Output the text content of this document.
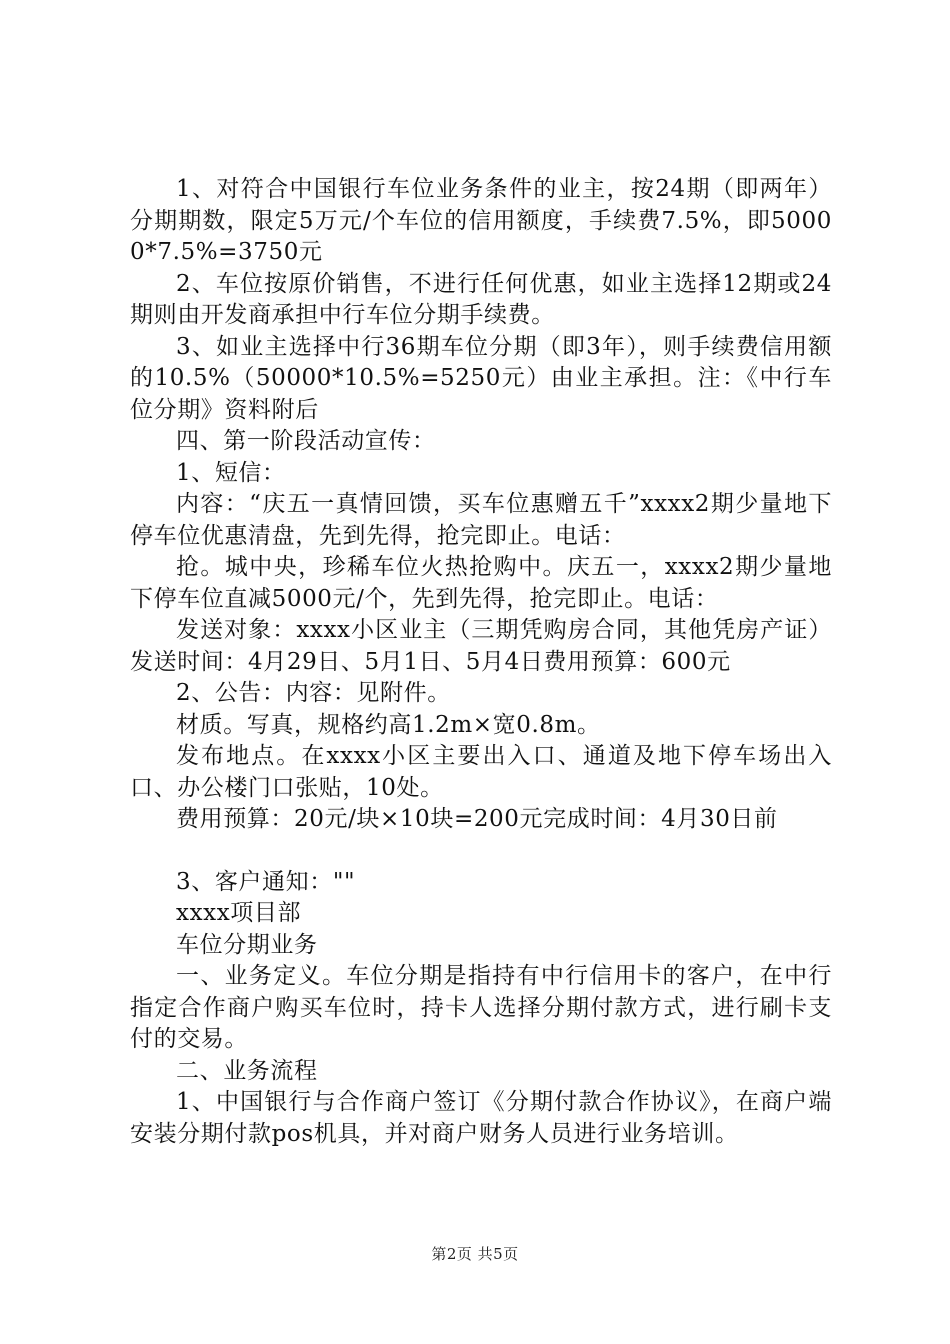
1、对符合中国银行车位业务条件的业主，按24期（即两年）分期期数，限定5万元/个车位的信用额度，手续费7.5%，即50000*7.5%=3750元

2、车位按原价销售，不进行任何优惠，如业主选择12期或24期则由开发商承担中行车位分期手续费。

3、如业主选择中行36期车位分期（即3年），则手续费信用额的10.5%（50000*10.5%=5250元）由业主承担。注：《中行车位分期》资料附后

四、第一阶段活动宣传：

1、短信：

内容：“庆五一真情回馈，买车位惠赠五千”xxxx2期少量地下停车位优惠清盘，先到先得，抢完即止。电话：

抢。城中央，珍稀车位火热抢购中。庆五一，xxxx2期少量地下停车位直减5000元/个，先到先得，抢完即止。电话：

发送对象：xxxx小区业主（三期凭购房合同，其他凭房产证）发送时间：4月29日、5月1日、5月4日费用预算：600元

2、公告：内容：见附件。

材质。写真，规格约高1.2m×宽0.8m。

发布地点。在xxxx小区主要出入口、通道及地下停车场出入口、办公楼门口张贴，10处。

费用预算：20元/块×10块=200元完成时间：4月30日前

3、客户通知：""

xxxx项目部

车位分期业务

一、业务定义。车位分期是指持有中行信用卡的客户，在中行指定合作商户购买车位时，持卡人选择分期付款方式，进行刷卡支付的交易。

二、业务流程

1、中国银行与合作商户签订《分期付款合作协议》，在商户端安装分期付款pos机具，并对商户财务人员进行业务培训。

第2页 共5页
